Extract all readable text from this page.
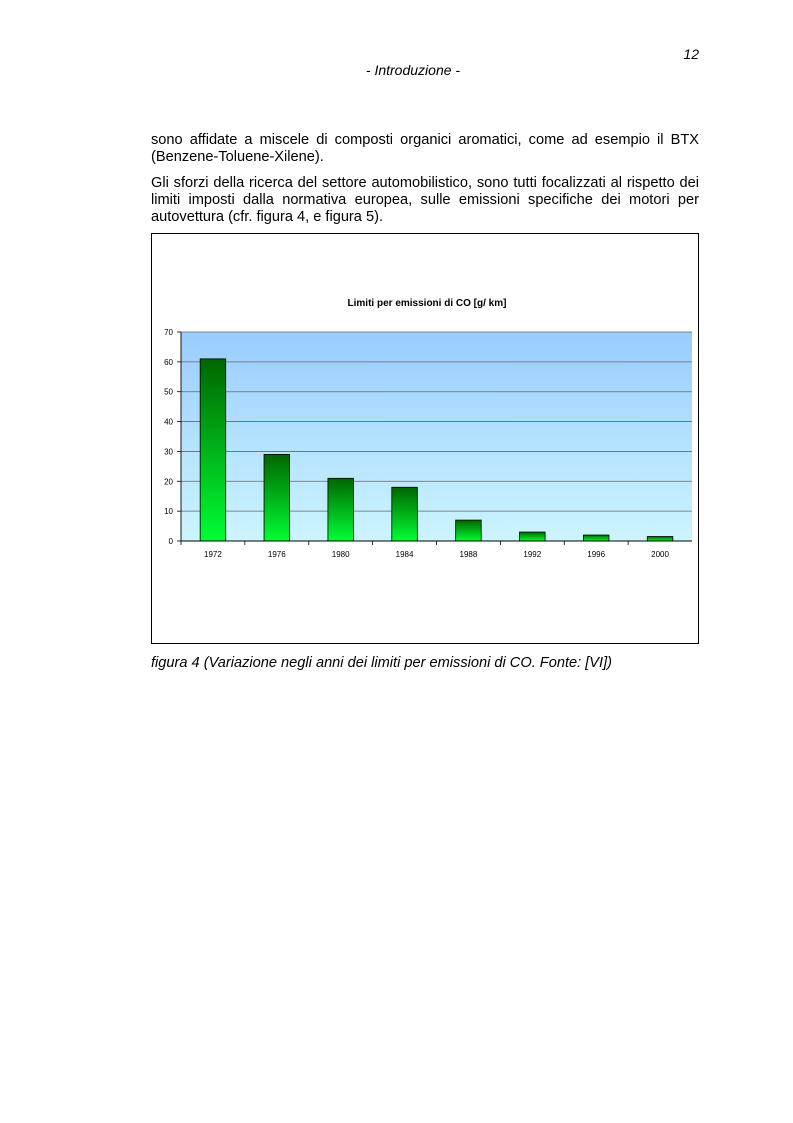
12
- Introduzione -

sono affidate a miscele di composti organici aromatici, come ad esempio il BTX (Benzene-Toluene-Xilene).

Gli sforzi della ricerca del settore automobilistico, sono tutti focalizzati al rispetto dei limiti imposti dalla normativa europea, sulle emissioni specifiche dei motori per autovettura (cfr. figura 4, e figura 5).

Limiti per emissioni di CO [g/ km]
0
10
20
30
40
50
60
70
1972	1976	1980	1984	1988	1992	1996	2000

figura 4 (Variazione negli anni dei limiti per emissioni di CO. Fonte: [VI])
